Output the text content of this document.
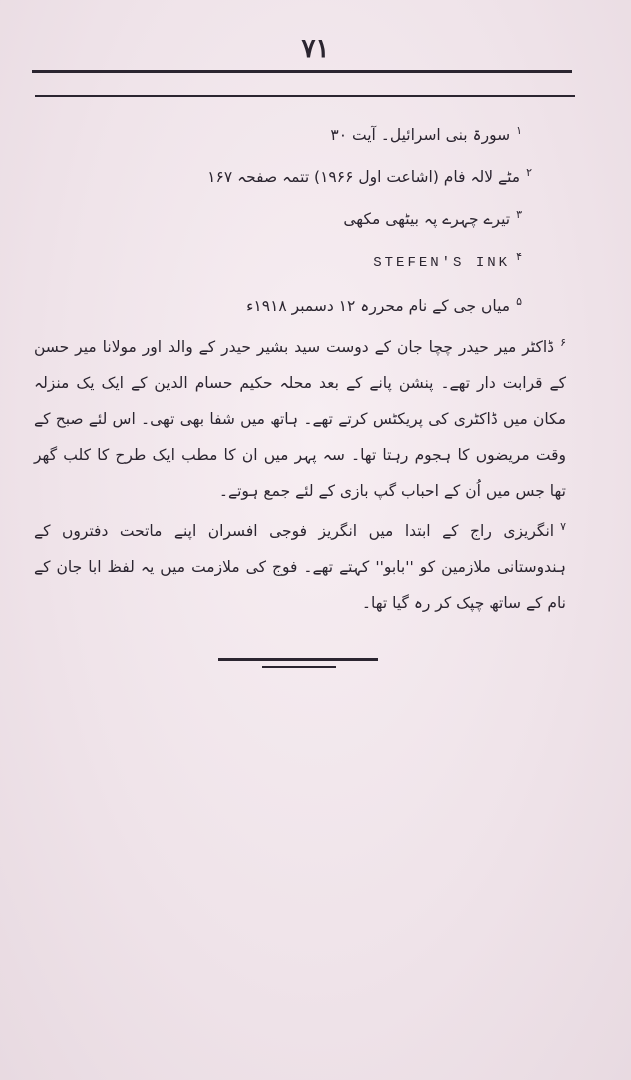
۷۱
$^۱$سورۃ بنی اسرائیل۔ آیت ۳۰
$^۲$مٹے لالہ فام (اشاعت اول ۱۹۶۶) تتمہ صفحہ ۱۶۷
$^۳$تیرے چہرے پہ بیٹھی مکھی
$^۴$STEFEN'S INK
$^۵$میاں جی کے نام محررہ ۱۲ دسمبر ۱۹۱۸ء
$^۶$ڈاکٹر میر حیدر چچا جان کے دوست سید بشیر حیدر کے والد اور مولانا میر حسن کے قرابت دار تھے۔ پنشن پانے کے بعد محلہ حکیم حسام الدین کے ایک یک منزلہ مکان میں ڈاکٹری کی پریکٹس کرتے تھے۔ ہاتھ میں شفا بھی تھی۔ اس لئے صبح کے وقت مریضوں کا ہجوم رہتا تھا۔ سہ پہر میں ان کا مطب ایک طرح کا کلب گھر تھا جس میں اُن کے احباب گپ بازی کے لئے جمع ہوتے۔
$^۷$انگریزی راج کے ابتدا میں انگریز فوجی افسران اپنے ماتحت دفتروں کے ہندوستانی ملازمین کو ''بابو'' کہتے تھے۔ فوج کی ملازمت میں یہ لفظ ابا جان کے نام کے ساتھ چپک کر رہ گیا تھا۔
